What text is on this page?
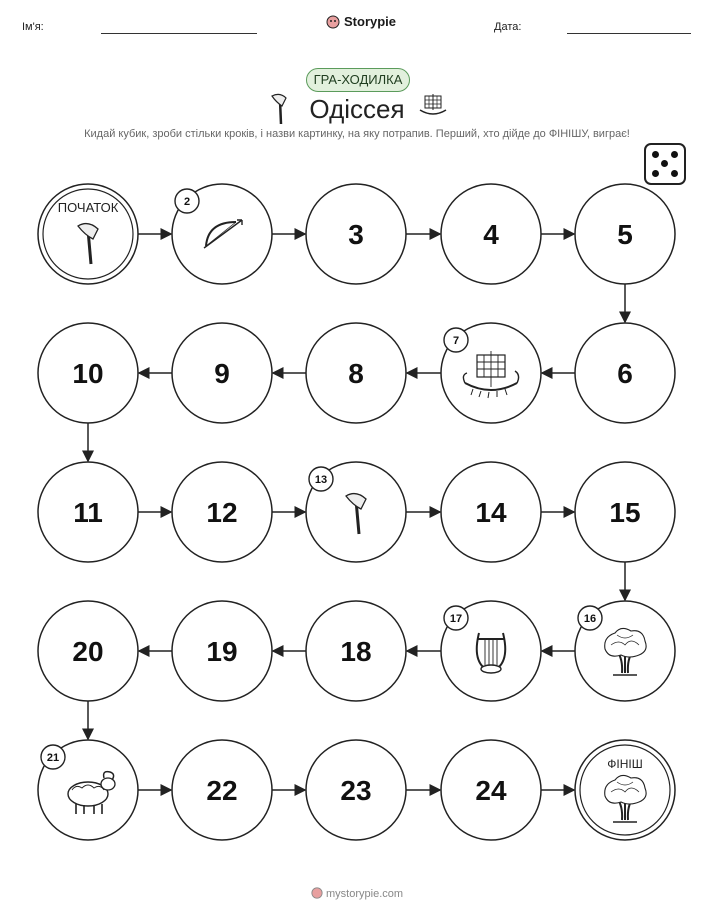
Ім'я:	Storypie	Дата:
ГРА-ХОДИЛКА
Одіссея
Кидай кубик, зроби стільки кроків, і назви картинку, на яку потрапив. Перший, хто дійде до ФІНІШУ, виграє!
ПОЧАТОК	2
3	4	5
6
7
8
9
10
11	12
13
14	15
16
17
18
19
20
21
22	23	24
ФІНІШ
mystorypie.com
